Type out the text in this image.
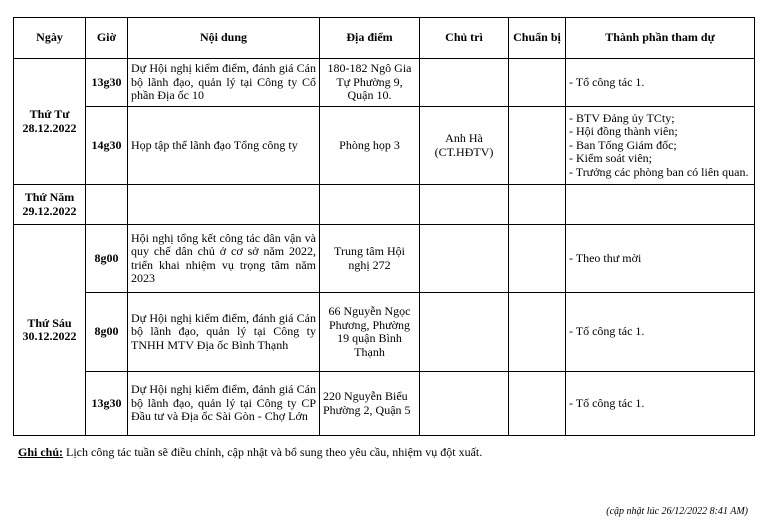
Ngày	Giờ	Nội dung	Địa điểm	Chủ trì	Chuẩn bị	Thành phần tham dự

Thứ Tư
28.12.2022	13g30	Dự Hội nghị kiểm điểm, đánh giá Cán bộ lãnh đạo, quản lý tại Công ty Cổ phần Địa ốc 10	180-182 Ngô Gia Tự Phường 9, Quận 10.			- Tổ công tác 1.

	14g30	Họp tập thể lãnh đạo Tổng công ty	Phòng họp 3	Anh Hà (CT.HĐTV)		- BTV Đảng ủy TCty;
- Hội đồng thành viên;
- Ban Tổng Giám đốc;
- Kiểm soát viên;
- Trưởng các phòng ban có liên quan.

Thứ Năm
29.12.2022						

Thứ Sáu
30.12.2022	8g00	Hội nghị tổng kết công tác dân vận và quy chế dân chủ ở cơ sở năm 2022, triển khai nhiệm vụ trọng tâm năm 2023	Trung tâm Hội nghị 272			- Theo thư mời

	8g00	Dự Hội nghị kiểm điểm, đánh giá Cán bộ lãnh đạo, quản lý tại Công ty TNHH MTV Địa ốc Bình Thạnh	66 Nguyễn Ngọc Phương, Phường 19 quận Bình Thạnh			- Tổ công tác 1.

	13g30	Dự Hội nghị kiểm điểm, đánh giá Cán bộ lãnh đạo, quản lý tại Công ty CP Đầu tư và Địa ốc Sài Gòn - Chợ Lớn	220 Nguyễn Biểu Phường 2, Quận 5			- Tổ công tác 1.
Ghi chú: Lịch công tác tuần sẽ điều chỉnh, cập nhật và bổ sung theo yêu cầu, nhiệm vụ đột xuất.
(cập nhật lúc 26/12/2022 8:41 AM)
